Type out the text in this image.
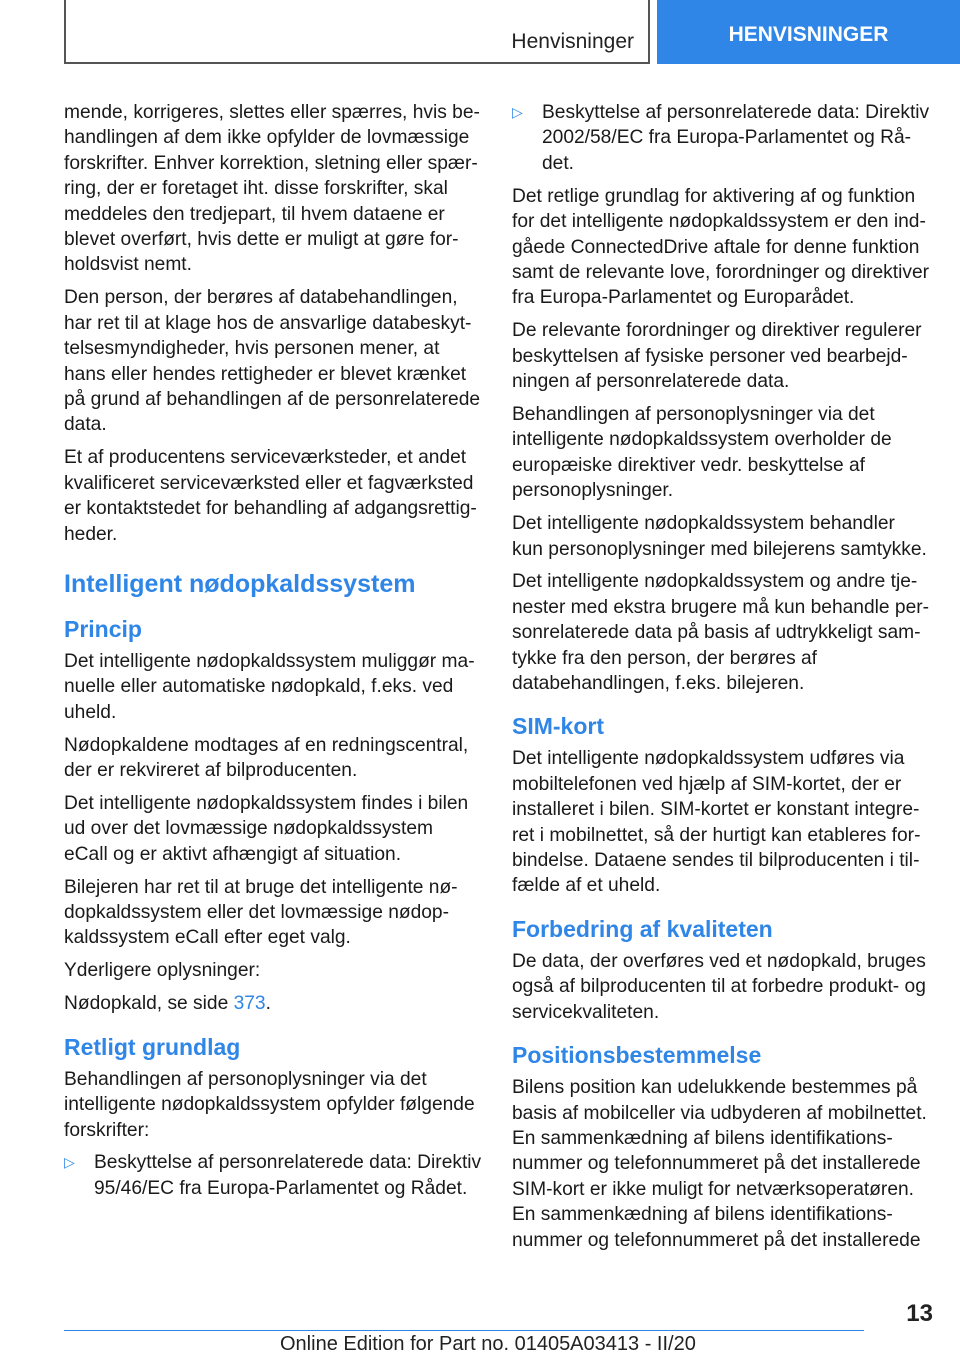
Henvisninger	HENVISNINGER

mende, korrigeres, slettes eller spærres, hvis behandlingen af dem ikke opfylder de lovmæssige forskrifter. Enhver korrektion, sletning eller spærring, der er foretaget iht. disse forskrifter, skal meddeles den tredjepart, til hvem dataene er blevet overført, hvis dette er muligt at gøre forholdsvist nemt.

Den person, der berøres af databehandlingen, har ret til at klage hos de ansvarlige databeskyttelsesmyndigheder, hvis personen mener, at hans eller hendes rettigheder er blevet krænket på grund af behandlingen af de personrelaterede data.

Et af producentens serviceværksteder, et andet kvalificeret serviceværksted eller et fagværksted er kontaktstedet for behandling af adgangsrettigheder.

Intelligent nødopkaldssystem
Princip

Det intelligente nødopkaldssystem muliggør manuelle eller automatiske nødopkald, f.eks. ved uheld.

Nødopkaldene modtages af en redningscentral, der er rekvireret af bilproducenten.

Det intelligente nødopkaldssystem findes i bilen ud over det lovmæssige nødopkaldssystem eCall og er aktivt afhængigt af situation.

Bilejeren har ret til at bruge det intelligente nødopkaldssystem eller det lovmæssige nødopkaldssystem eCall efter eget valg.

Yderligere oplysninger:

Nødopkald, se side 373.

Retligt grundlag

Behandlingen af personoplysninger via det intelligente nødopkaldssystem opfylder følgende forskrifter:

▷ Beskyttelse af personrelaterede data: Direktiv 95/46/EC fra Europa-Parlamentet og Rådet.
▷ Beskyttelse af personrelaterede data: Direktiv 2002/58/EC fra Europa-Parlamentet og Rådet.

Det retlige grundlag for aktivering af og funktion for det intelligente nødopkaldssystem er den indgåede ConnectedDrive aftale for denne funktion samt de relevante love, forordninger og direktiver fra Europa-Parlamentet og Europarådet.

De relevante forordninger og direktiver regulerer beskyttelsen af fysiske personer ved bearbejdningen af personrelaterede data.

Behandlingen af personoplysninger via det intelligente nødopkaldssystem overholder de europæiske direktiver vedr. beskyttelse af personoplysninger.

Det intelligente nødopkaldssystem behandler kun personoplysninger med bilejerens samtykke.

Det intelligente nødopkaldssystem og andre tjenester med ekstra brugere må kun behandle personrelaterede data på basis af udtrykkeligt samtykke fra den person, der berøres af databehandlingen, f.eks. bilejeren.

SIM-kort

Det intelligente nødopkaldssystem udføres via mobiltelefonen ved hjælp af SIM-kortet, der er installeret i bilen. SIM-kortet er konstant integreret i mobilnettet, så der hurtigt kan etableres forbindelse. Dataene sendes til bilproducenten i tilfælde af et uheld.

Forbedring af kvaliteten

De data, der overføres ved et nødopkald, bruges også af bilproducenten til at forbedre produkt- og servicekvaliteten.

Positionsbestemmelse

Bilens position kan udelukkende bestemmes på basis af mobilceller via udbyderen af mobilnettet. En sammenkædning af bilens identifikationsnummer og telefonnummeret på det installerede SIM-kort er ikke muligt for netværksoperatøren. En sammenkædning af bilens identifikationsnummer og telefonnummeret på det installerede

13
Online Edition for Part no. 01405A03413 - II/20
